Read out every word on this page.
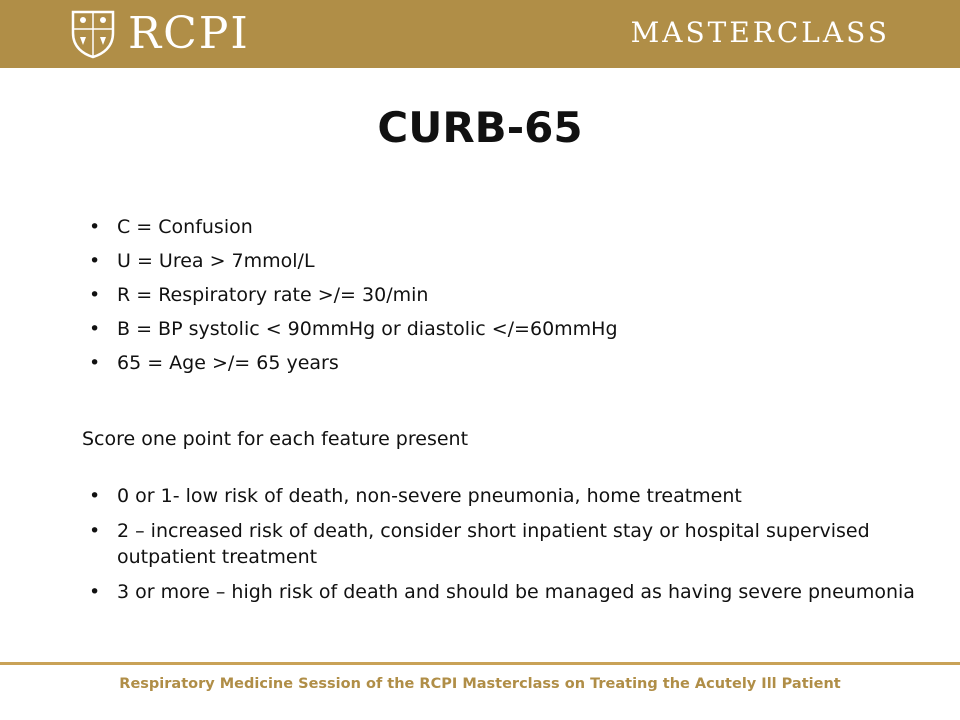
RCPI	MASTERCLASS
CURB-65
• C = Confusion
• U = Urea > 7mmol/L
• R = Respiratory rate >/= 30/min
• B = BP systolic < 90mmHg or diastolic </=60mmHg
• 65 = Age >/= 65 years
Score one point for each feature present
• 0 or 1- low risk of death, non-severe pneumonia, home treatment
• 2 – increased risk of death, consider short inpatient stay or hospital supervised outpatient treatment
• 3 or more – high risk of death and should be managed as having severe pneumonia
Respiratory Medicine Session of the RCPI Masterclass on Treating the Acutely Ill Patient
